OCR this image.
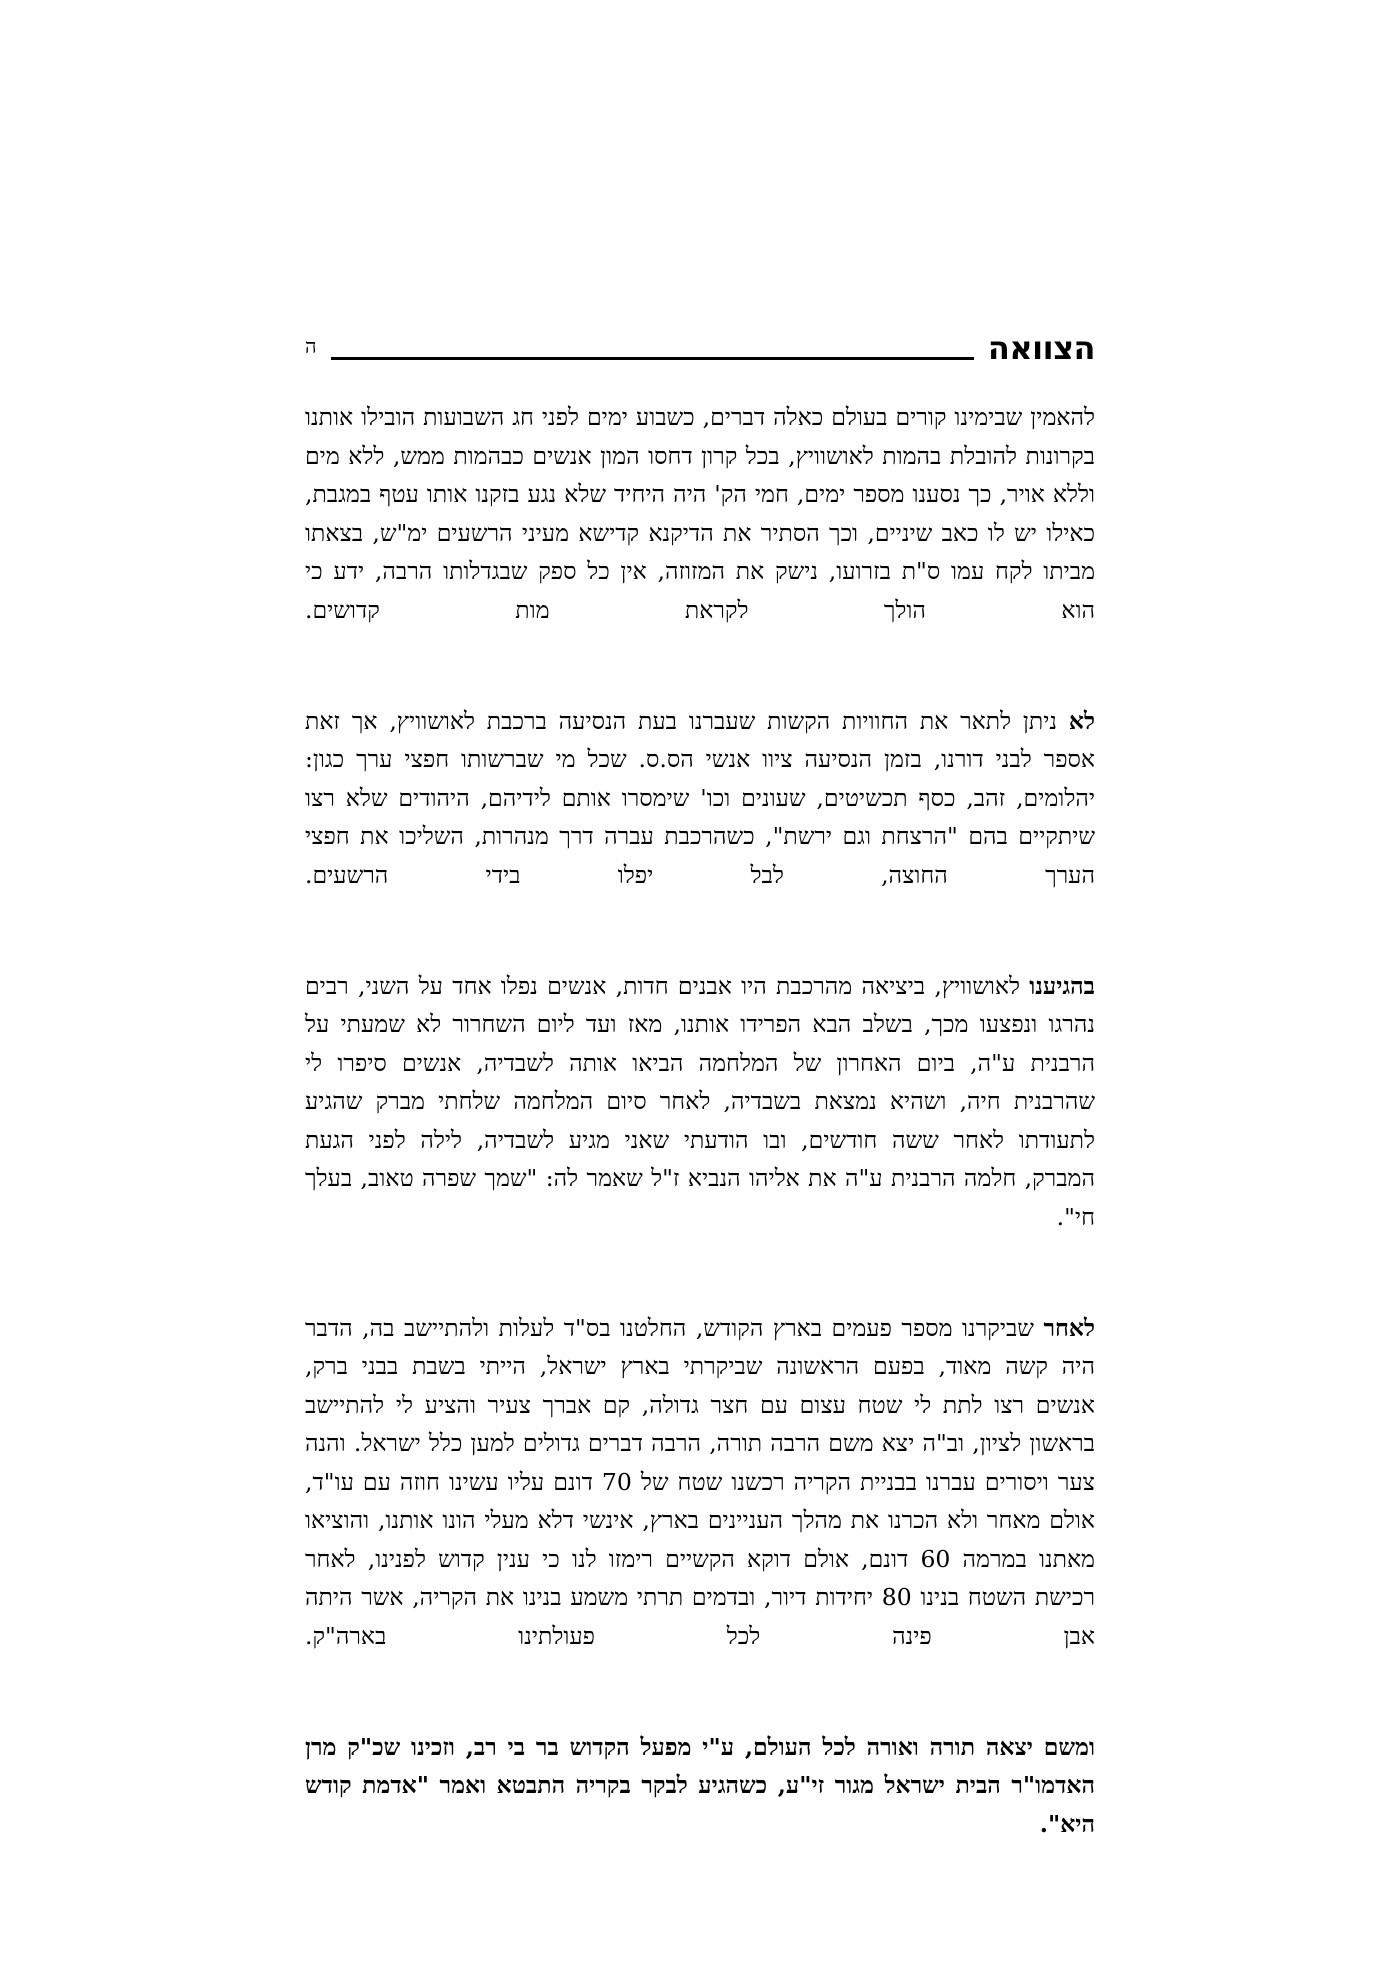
הצוואה
ה

להאמין שבימינו קורים בעולם כאלה דברים, כשבוע ימים לפני חג השבועות הובילו אותנו בקרונות להובלת בהמות לאושוויץ, בכל קרון דחסו המון אנשים כבהמות ממש, ללא מים וללא אויר, כך נסענו מספר ימים, חמי הק' היה היחיד שלא נגע בזקנו אותו עטף במגבת, כאילו יש לו כאב שיניים, וכך הסתיר את הדיקנא קדישא מעיני הרשעים ימ"ש, בצאתו מביתו לקח עמו ס"ת בזרועו, נישק את המזוזה, אין כל ספק שבגדלותו הרבה, ידע כי הוא הולך לקראת מות קדושים.

לא ניתן לתאר את החוויות הקשות שעברנו בעת הנסיעה ברכבת לאושוויץ, אך זאת אספר לבני דורנו, בזמן הנסיעה ציוו אנשי הס.ס. שכל מי שברשותו חפצי ערך כגון: יהלומים, זהב, כסף תכשיטים, שעונים וכו' שימסרו אותם לידיהם, היהודים שלא רצו שיתקיים בהם "הרצחת וגם ירשת", כשהרכבת עברה דרך מנהרות, השליכו את חפצי הערך החוצה, לבל יפלו בידי הרשעים.

בהגיענו לאושוויץ, ביציאה מהרכבת היו אבנים חדות, אנשים נפלו אחד על השני, רבים נהרגו ונפצעו מכך, בשלב הבא הפרידו אותנו, מאז ועד ליום השחרור לא שמעתי על הרבנית ע"ה, ביום האחרון של המלחמה הביאו אותה לשבדיה, אנשים סיפרו לי שהרבנית חיה, ושהיא נמצאת בשבדיה, לאחר סיום המלחמה שלחתי מברק שהגיע לתעודתו לאחר ששה חודשים, ובו הודעתי שאני מגיע לשבדיה, לילה לפני הגעת המברק, חלמה הרבנית ע"ה את אליהו הנביא ז"ל שאמר לה: "שמך שפרה טאוב, בעלך חי".

לאחר שביקרנו מספר פעמים בארץ הקודש, החלטנו בס"ד לעלות ולהתיישב בה, הדבר היה קשה מאוד, בפעם הראשונה שביקרתי בארץ ישראל, הייתי בשבת בבני ברק, אנשים רצו לתת לי שטח עצום עם חצר גדולה, קם אברך צעיר והציע לי להתיישב בראשון לציון, וב"ה יצא משם הרבה תורה, הרבה דברים גדולים למען כלל ישראל. והנה צער ויסורים עברנו בבניית הקריה רכשנו שטח של 70 דונם עליו עשינו חוזה עם עו"ד, אולם מאחר ולא הכרנו את מהלך העניינים בארץ, אינשי דלא מעלי הונו אותנו, והוציאו מאתנו במרמה 60 דונם, אולם דוקא הקשיים רימזו לנו כי ענין קדוש לפנינו, לאחר רכישת השטח בנינו 80 יחידות דיור, ובדמים תרתי משמע בנינו את הקריה, אשר היתה אבן פינה לכל פעולתינו בארה"ק.

ומשם יצאה תורה ואורה לכל העולם, ע"י מפעל הקדוש בר בי רב, וזכינו שכ"ק מרן האדמו"ר הבית ישראל מגור זי"ע, כשהגיע לבקר בקריה התבטא ואמר "אדמת קודש היא".
